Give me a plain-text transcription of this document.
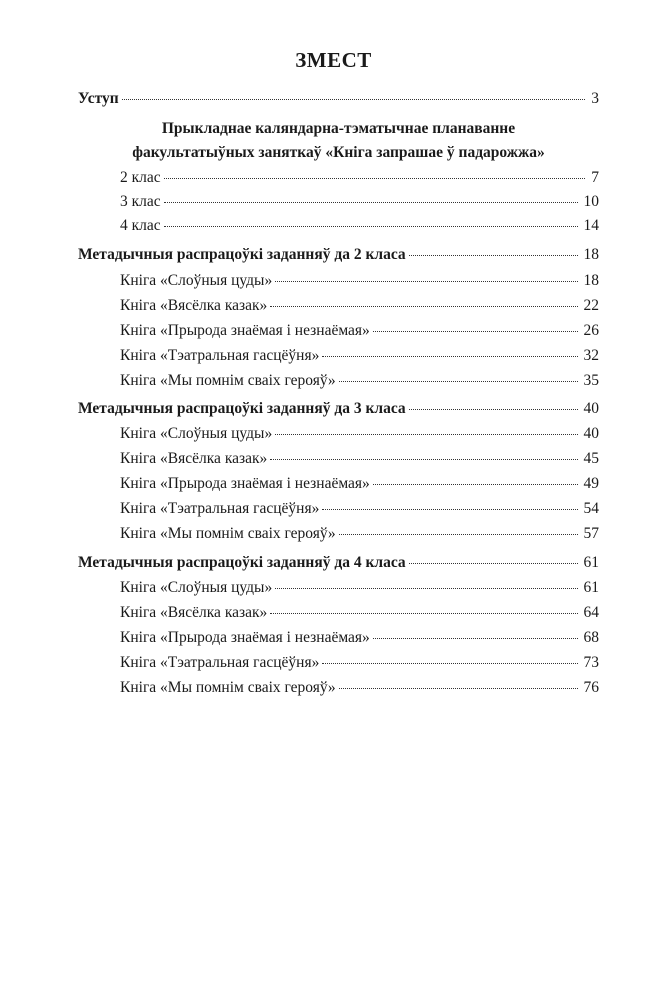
ЗМЕСТ
Уступ	3
Прыкладнае каляндарна-тэматычнае планаванне
факультатыўных заняткаў «Кніга запрашае ў падарожжа»
2 клас	7
3 клас	10
4 клас	14
Метадычныя распрацоўкі заданняў да 2 класа	18
Кніга «Слоўныя цуды»	18
Кніга «Вясёлка казак»	22
Кніга «Прырода знаёмая і незнаёмая»	26
Кніга «Тэатральная гасцёўня»	32
Кніга «Мы помнім сваіх герояў»	35
Метадычныя распрацоўкі заданняў да 3 класа	40
Кніга «Слоўныя цуды»	40
Кніга «Вясёлка казак»	45
Кніга «Прырода знаёмая і незнаёмая»	49
Кніга «Тэатральная гасцёўня»	54
Кніга «Мы помнім сваіх герояў»	57
Метадычныя распрацоўкі заданняў да 4 класа	61
Кніга «Слоўныя цуды»	61
Кніга «Вясёлка казак»	64
Кніга «Прырода знаёмая і незнаёмая»	68
Кніга «Тэатральная гасцёўня»	73
Кніга «Мы помнім сваіх герояў»	76
